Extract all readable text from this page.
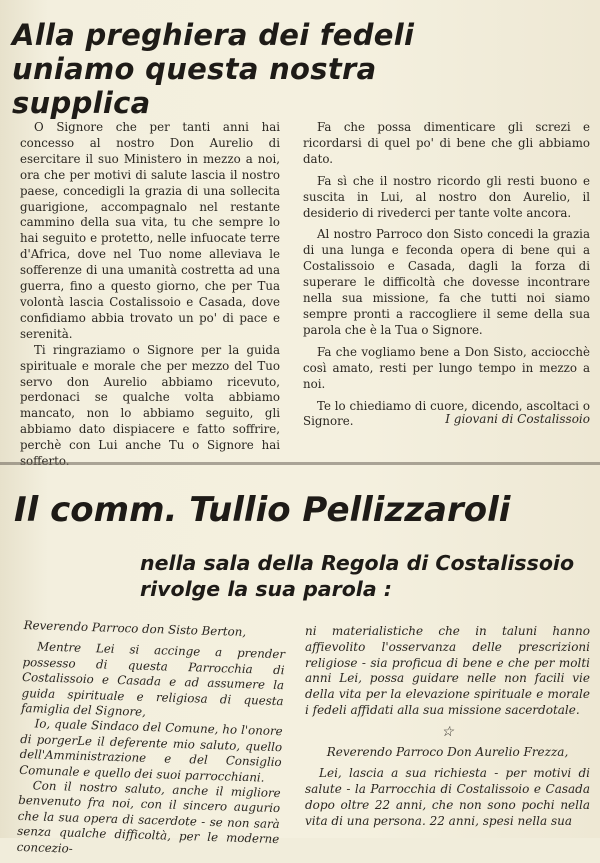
Alla preghiera dei fedeli
uniamo questa nostra supplica

O Signore che per tanti anni hai concesso al nostro Don Aurelio di esercitare il suo Ministero in mezzo a noi, ora che per motivi di salute lascia il nostro paese, concedigli la grazia di una sollecita guarigione, accompagnalo nel restante cammino della sua vita, tu che sempre lo hai seguito e protetto, nelle infuocate terre d'Africa, dove nel Tuo nome alleviava le sofferenze di una umanità costretta ad una guerra, fino a questo giorno, che per Tua volontà lascia Costalissoio e Casada, dove confidiamo abbia trovato un po' di pace e serenità.

Ti ringraziamo o Signore per la guida spirituale e morale che per mezzo del Tuo servo don Aurelio abbiamo ricevuto, perdonaci se qualche volta abbiamo mancato, non lo abbiamo seguito, gli abbiamo dato dispiacere e fatto soffrire, perchè con Lui anche Tu o Signore hai

Fa che possa dimenticare gli screzi e ricordarsi di quel po' di bene che gli abbiamo dato.

Fa sì che il nostro ricordo gli resti buono e suscita in Lui, al nostro don Aurelio, il desiderio di rivederci per tante volte ancora.

Al nostro Parroco don Sisto concedi la grazia di una lunga e feconda opera di bene qui a Costalissoio e Casada, dagli la forza di superare le difficoltà che dovesse incontrare nella sua missione, fa che tutti noi siamo sempre pronti a raccogliere il seme della sua parola che è la Tua o Signore.

Fa che vogliamo bene a Don Sisto, acciocchè così amato, resti per lungo tempo in mezzo a noi.

Te lo chiediamo di cuore, dicendo, ascoltaci o Signore.	I giovani di Costalissoio
Il comm. Tullio Pellizzaroli
nella sala della Regola di Costalissoio
rivolge la sua parola :

Reverendo Parroco don Sisto Berton,

Mentre Lei si accinge a prender possesso di questa Parrocchia di Costalissoio e Casada e ad assumere la guida spirituale e religiosa di questa famiglia del Signore,

Io, quale Sindaco del Comune, ho l'onore di porgerLe il deferente mio saluto, quello dell'Amministrazione e del Consiglio Comunale e quello dei suoi parrocchiani.

Con il nostro saluto, anche il migliore benvenuto fra noi, con il sincero augurio che la sua opera di sacerdote - se non sarà senza qualche difficoltà, per le moderne concezio-

ni materialistiche che in taluni hanno affievolito l'osservanza delle prescrizioni religiose - sia proficua di bene e che per molti anni Lei, possa guidare nelle non facili vie della vita per la elevazione spirituale e morale i fedeli affidati alla sua missione sacerdotale.

☆

Reverendo Parroco Don Aurelio Frezza,

Lei, lascia a sua richiesta - per motivi di salute - la Parrocchia di Costalissoio e Casada dopo oltre 22 anni, che non sono pochi nella vita di una persona. 22 anni, spesi nella sua
